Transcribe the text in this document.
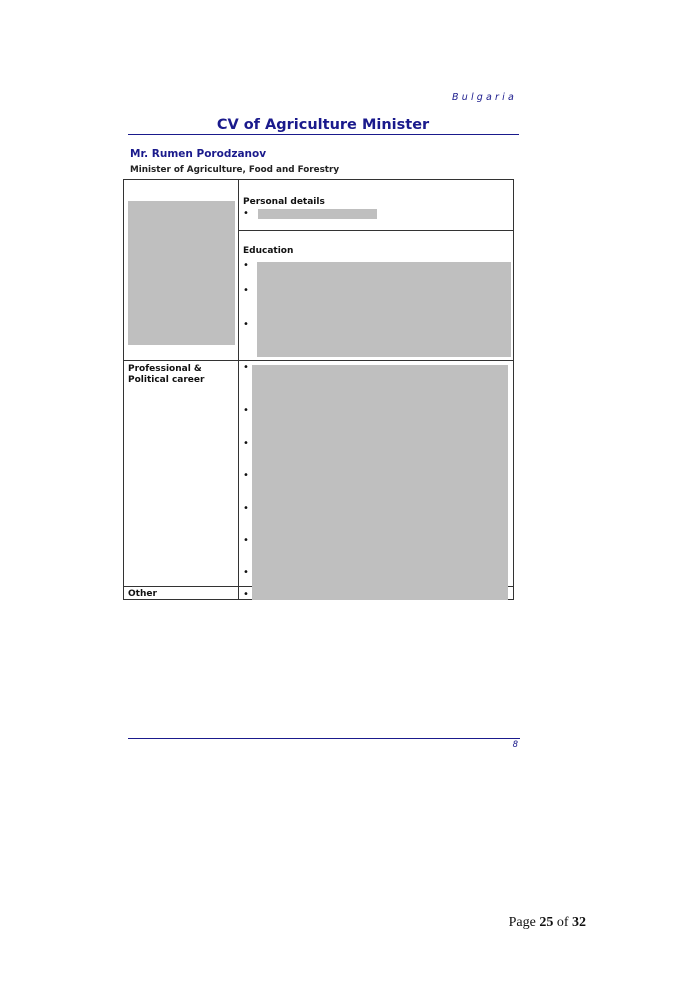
Bulgaria
CV of Agriculture Minister
Mr. Rumen Porodzanov
Minister of Agriculture, Food and Forestry
Personal details
•
Education
•
•
•
Professional &
Political career
•
•
•
•
•
•
•
Other	•
8
Page 25 of 32
